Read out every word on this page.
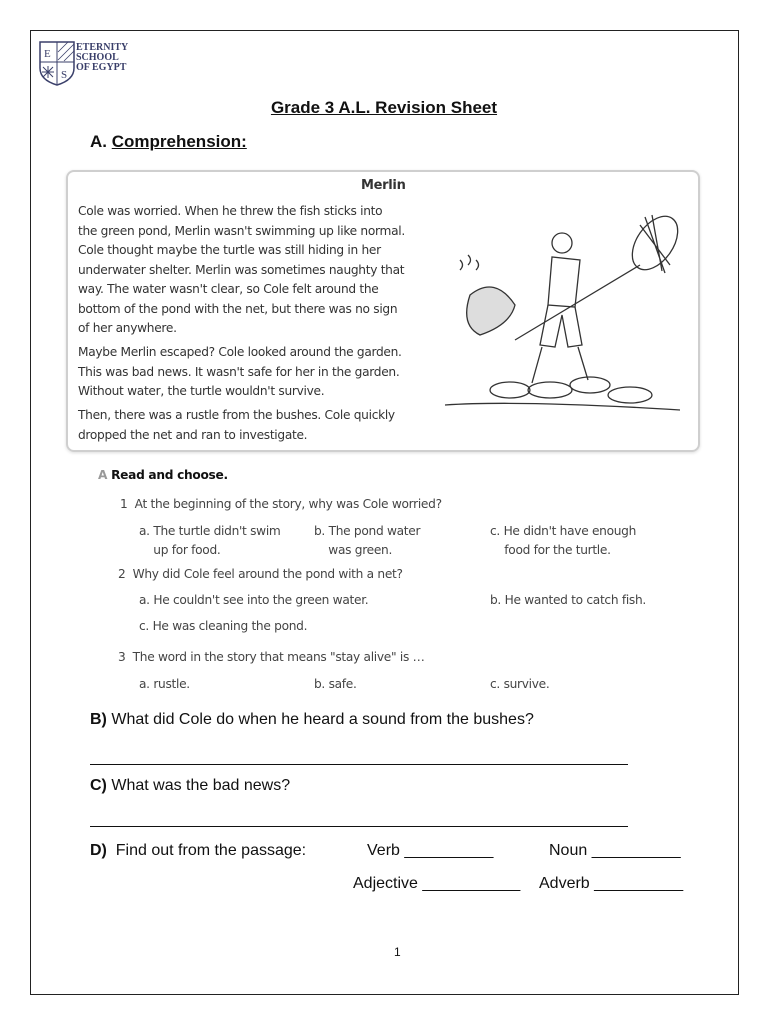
E
S
ETERNITY
SCHOOL
OF EGYPT
Grade 3 A.L. Revision Sheet
A. Comprehension:
Merlin
Cole was worried. When he threw the fish sticks into
the green pond, Merlin wasn't swimming up like normal.
Cole thought maybe the turtle was still hiding in her
underwater shelter. Merlin was sometimes naughty that
way. The water wasn't clear, so Cole felt around the
bottom of the pond with the net, but there was no sign
of her anywhere.
Maybe Merlin escaped? Cole looked around the garden.
This was bad news. It wasn't safe for her in the garden.
Without water, the turtle wouldn't survive.
Then, there was a rustle from the bushes. Cole quickly
dropped the net and ran to investigate.
A Read and choose.
1 At the beginning of the story, why was Cole worried?
a. The turtle didn't swim
up for food.
b. The pond water
was green.
c. He didn't have enough
food for the turtle.
2 Why did Cole feel around the pond with a net?
a. He couldn't see into the green water.	b. He wanted to catch fish.
c. He was cleaning the pond.
3 The word in the story that means "stay alive" is …
a. rustle.	b. safe.	c. survive.
B) What did Cole do when he heard a sound from the bushes?
C) What was the bad news?
D) Find out from the passage:	Verb __________	Noun __________
Adjective ___________ Adverb __________
1
